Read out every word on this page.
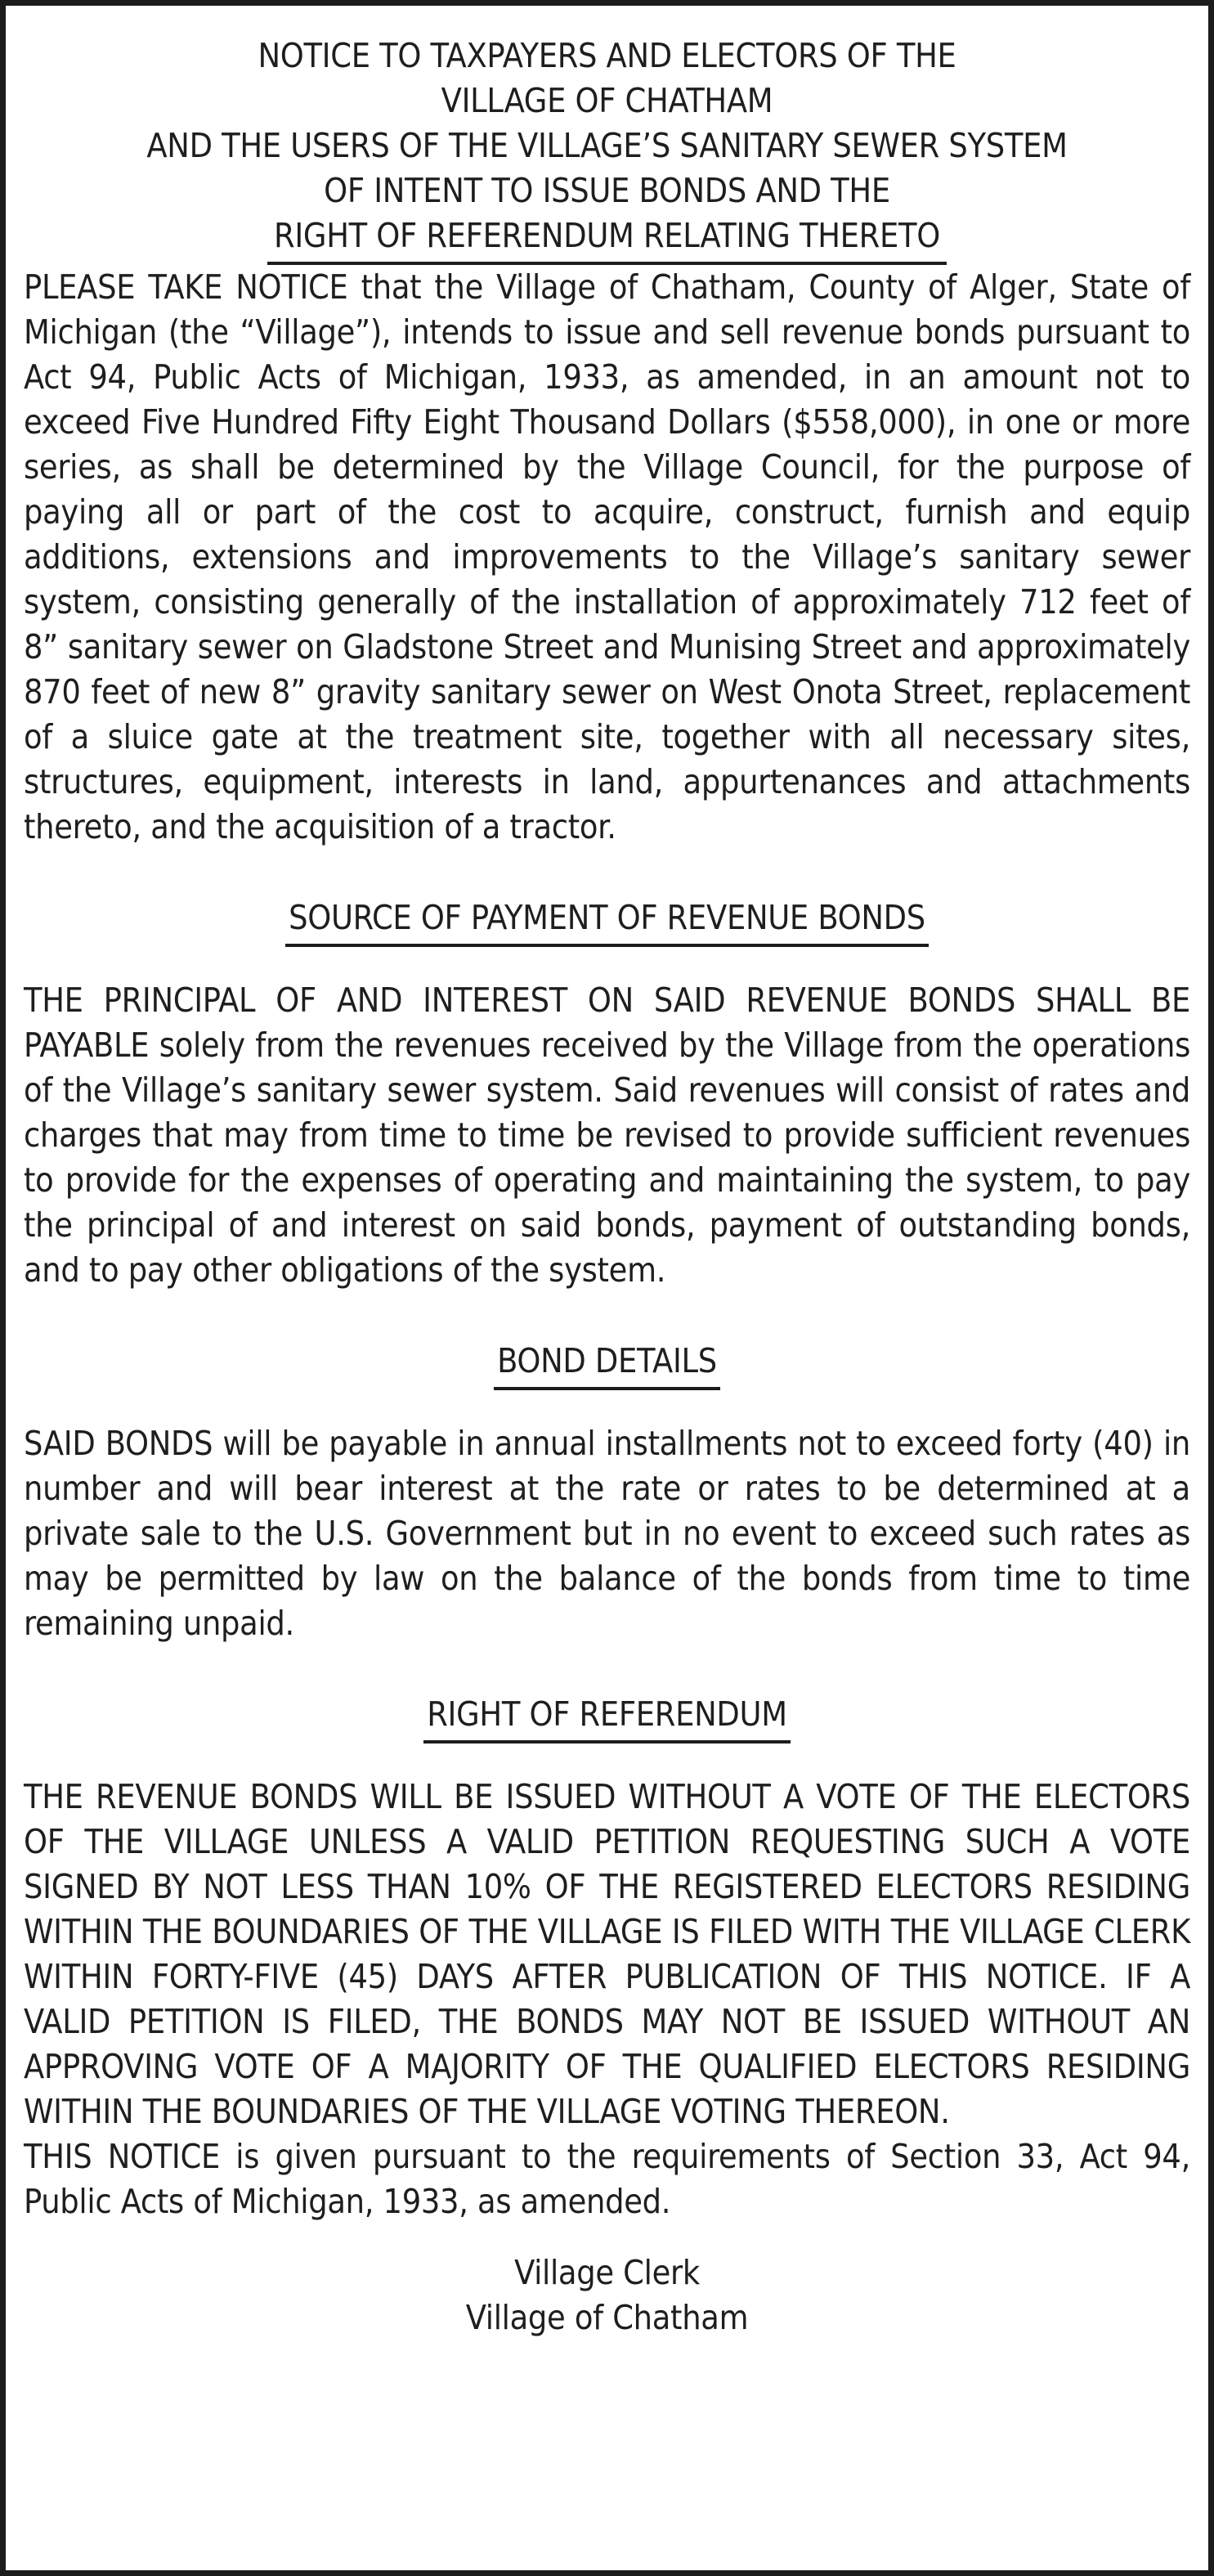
NOTICE TO TAXPAYERS AND ELECTORS OF THE
VILLAGE OF CHATHAM
AND THE USERS OF THE VILLAGE’S SANITARY SEWER SYSTEM
OF INTENT TO ISSUE BONDS AND THE
RIGHT OF REFERENDUM RELATING THERETO

PLEASE TAKE NOTICE that the Village of Chatham, County of Alger, State of Michigan (the “Village”), intends to issue and sell revenue bonds pursuant to Act 94, Public Acts of Michigan, 1933, as amended, in an amount not to exceed Five Hundred Fifty Eight Thousand Dollars ($558,000), in one or more series, as shall be determined by the Village Council, for the purpose of paying all or part of the cost to acquire, construct, furnish and equip additions, extensions and improvements to the Village’s sanitary sewer system, consisting generally of the installation of approximately 712 feet of 8” sanitary sewer on Gladstone Street and Munising Street and approximately 870 feet of new 8” gravity sanitary sewer on West Onota Street, replacement of a sluice gate at the treatment site, together with all necessary sites, structures, equipment, interests in land, appurtenances and attachments thereto, and the acquisition of a tractor.

SOURCE OF PAYMENT OF REVENUE BONDS

THE PRINCIPAL OF AND INTEREST ON SAID REVENUE BONDS SHALL BE PAYABLE solely from the revenues received by the Village from the operations of the Village’s sanitary sewer system. Said revenues will consist of rates and charges that may from time to time be revised to provide sufficient revenues to provide for the expenses of operating and maintaining the system, to pay the principal of and interest on said bonds, payment of outstanding bonds, and to pay other obligations of the system.

BOND DETAILS

SAID BONDS will be payable in annual installments not to exceed forty (40) in number and will bear interest at the rate or rates to be determined at a private sale to the U.S. Government but in no event to exceed such rates as may be permitted by law on the balance of the bonds from time to time remaining unpaid.

RIGHT OF REFERENDUM

THE REVENUE BONDS WILL BE ISSUED WITHOUT A VOTE OF THE ELECTORS OF THE VILLAGE UNLESS A VALID PETITION REQUESTING SUCH A VOTE SIGNED BY NOT LESS THAN 10% OF THE REGISTERED ELECTORS RESIDING WITHIN THE BOUNDARIES OF THE VILLAGE IS FILED WITH THE VILLAGE CLERK WITHIN FORTY-FIVE (45) DAYS AFTER PUBLICATION OF THIS NOTICE. IF A VALID PETITION IS FILED, THE BONDS MAY NOT BE ISSUED WITHOUT AN APPROVING VOTE OF A MAJORITY OF THE QUALIFIED ELECTORS RESIDING WITHIN THE BOUNDARIES OF THE VILLAGE VOTING THEREON.

THIS NOTICE is given pursuant to the requirements of Section 33, Act 94, Public Acts of Michigan, 1933, as amended.

Village Clerk
Village of Chatham
